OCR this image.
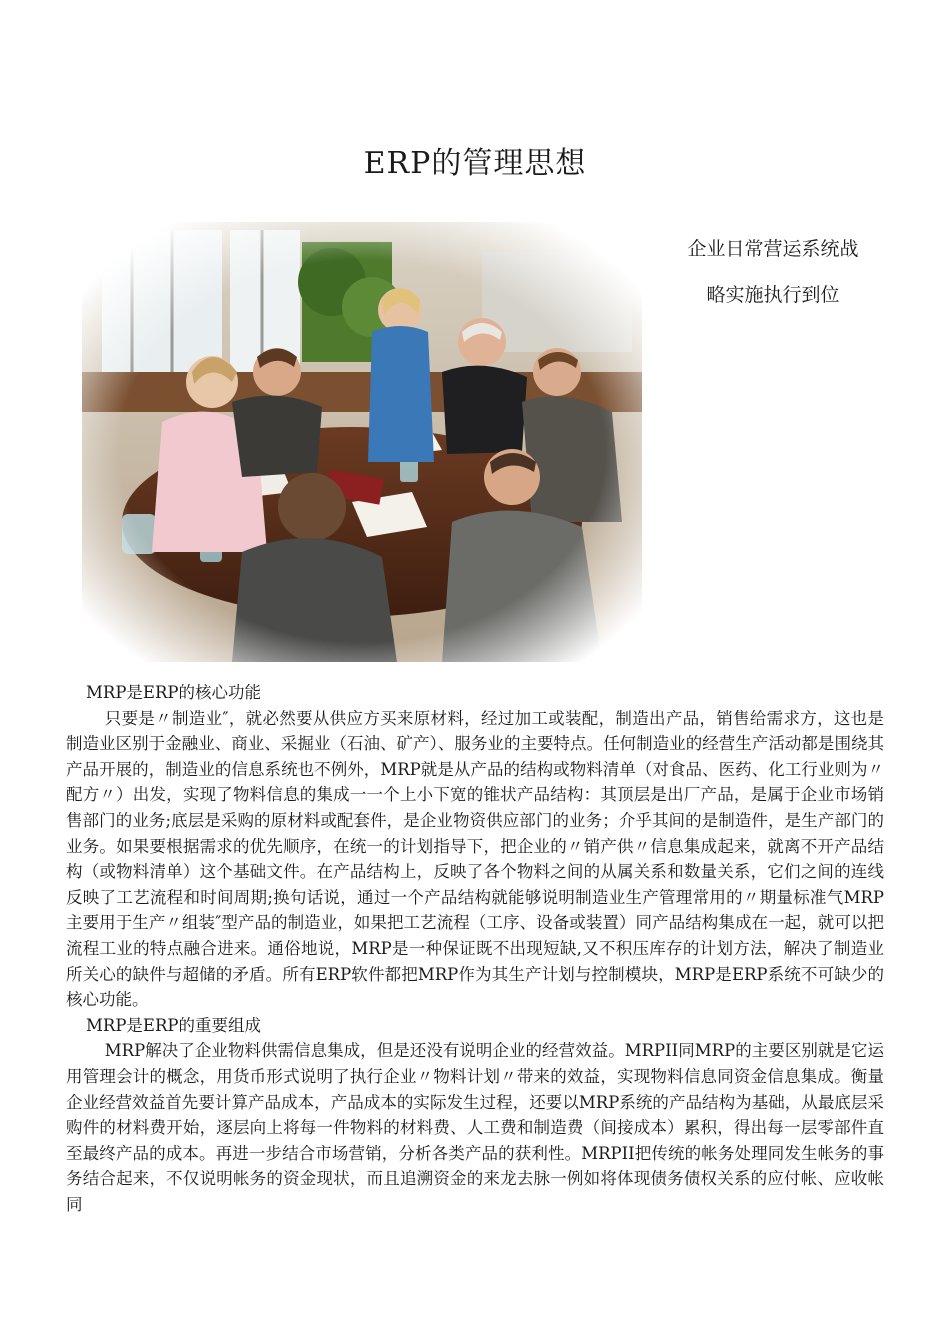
ERP的管理思想
企业日常营运系统战
略实施执行到位

MRP是ERP的核心功能

只要是〃制造业″，就必然要从供应方买来原材料，经过加工或装配，制造出产品，销售给需求方，这也是制造业区别于金融业、商业、采掘业（石油、矿产）、服务业的主要特点。任何制造业的经营生产活动都是围绕其产品开展的，制造业的信息系统也不例外，MRP就是从产品的结构或物料清单（对食品、医药、化工行业则为〃配方〃）出发，实现了物料信息的集成一一个上小下宽的锥状产品结构：其顶层是出厂产品，是属于企业市场销售部门的业务;底层是采购的原材料或配套件，是企业物资供应部门的业务；介乎其间的是制造件，是生产部门的业务。如果要根据需求的优先顺序，在统一的计划指导下，把企业的〃销产供〃信息集成起来，就离不开产品结构（或物料清单）这个基础文件。在产品结构上，反映了各个物料之间的从属关系和数量关系，它们之间的连线反映了工艺流程和时间周期;换句话说，通过一个产品结构就能够说明制造业生产管理常用的〃期量标准气MRP主要用于生产〃组装″型产品的制造业，如果把工艺流程（工序、设备或装置）同产品结构集成在一起，就可以把流程工业的特点融合进来。通俗地说，MRP是一种保证既不出现短缺,又不积压库存的计划方法，解决了制造业所关心的缺件与超储的矛盾。所有ERP软件都把MRP作为其生产计划与控制模块，MRP是ERP系统不可缺少的核心功能。

MRP是ERP的重要组成

MRP解决了企业物料供需信息集成，但是还没有说明企业的经营效益。MRPII同MRP的主要区别就是它运用管理会计的概念，用货币形式说明了执行企业〃物料计划〃带来的效益，实现物料信息同资金信息集成。衡量企业经营效益首先要计算产品成本，产品成本的实际发生过程，还要以MRP系统的产品结构为基础，从最底层采购件的材料费开始，逐层向上将每一件物料的材料费、人工费和制造费（间接成本）累积，得出每一层零部件直至最终产品的成本。再进一步结合市场营销，分析各类产品的获利性。MRPII把传统的帐务处理同发生帐务的事务结合起来，不仅说明帐务的资金现状，而且追溯资金的来龙去脉一例如将体现债务债权关系的应付帐、应收帐同
